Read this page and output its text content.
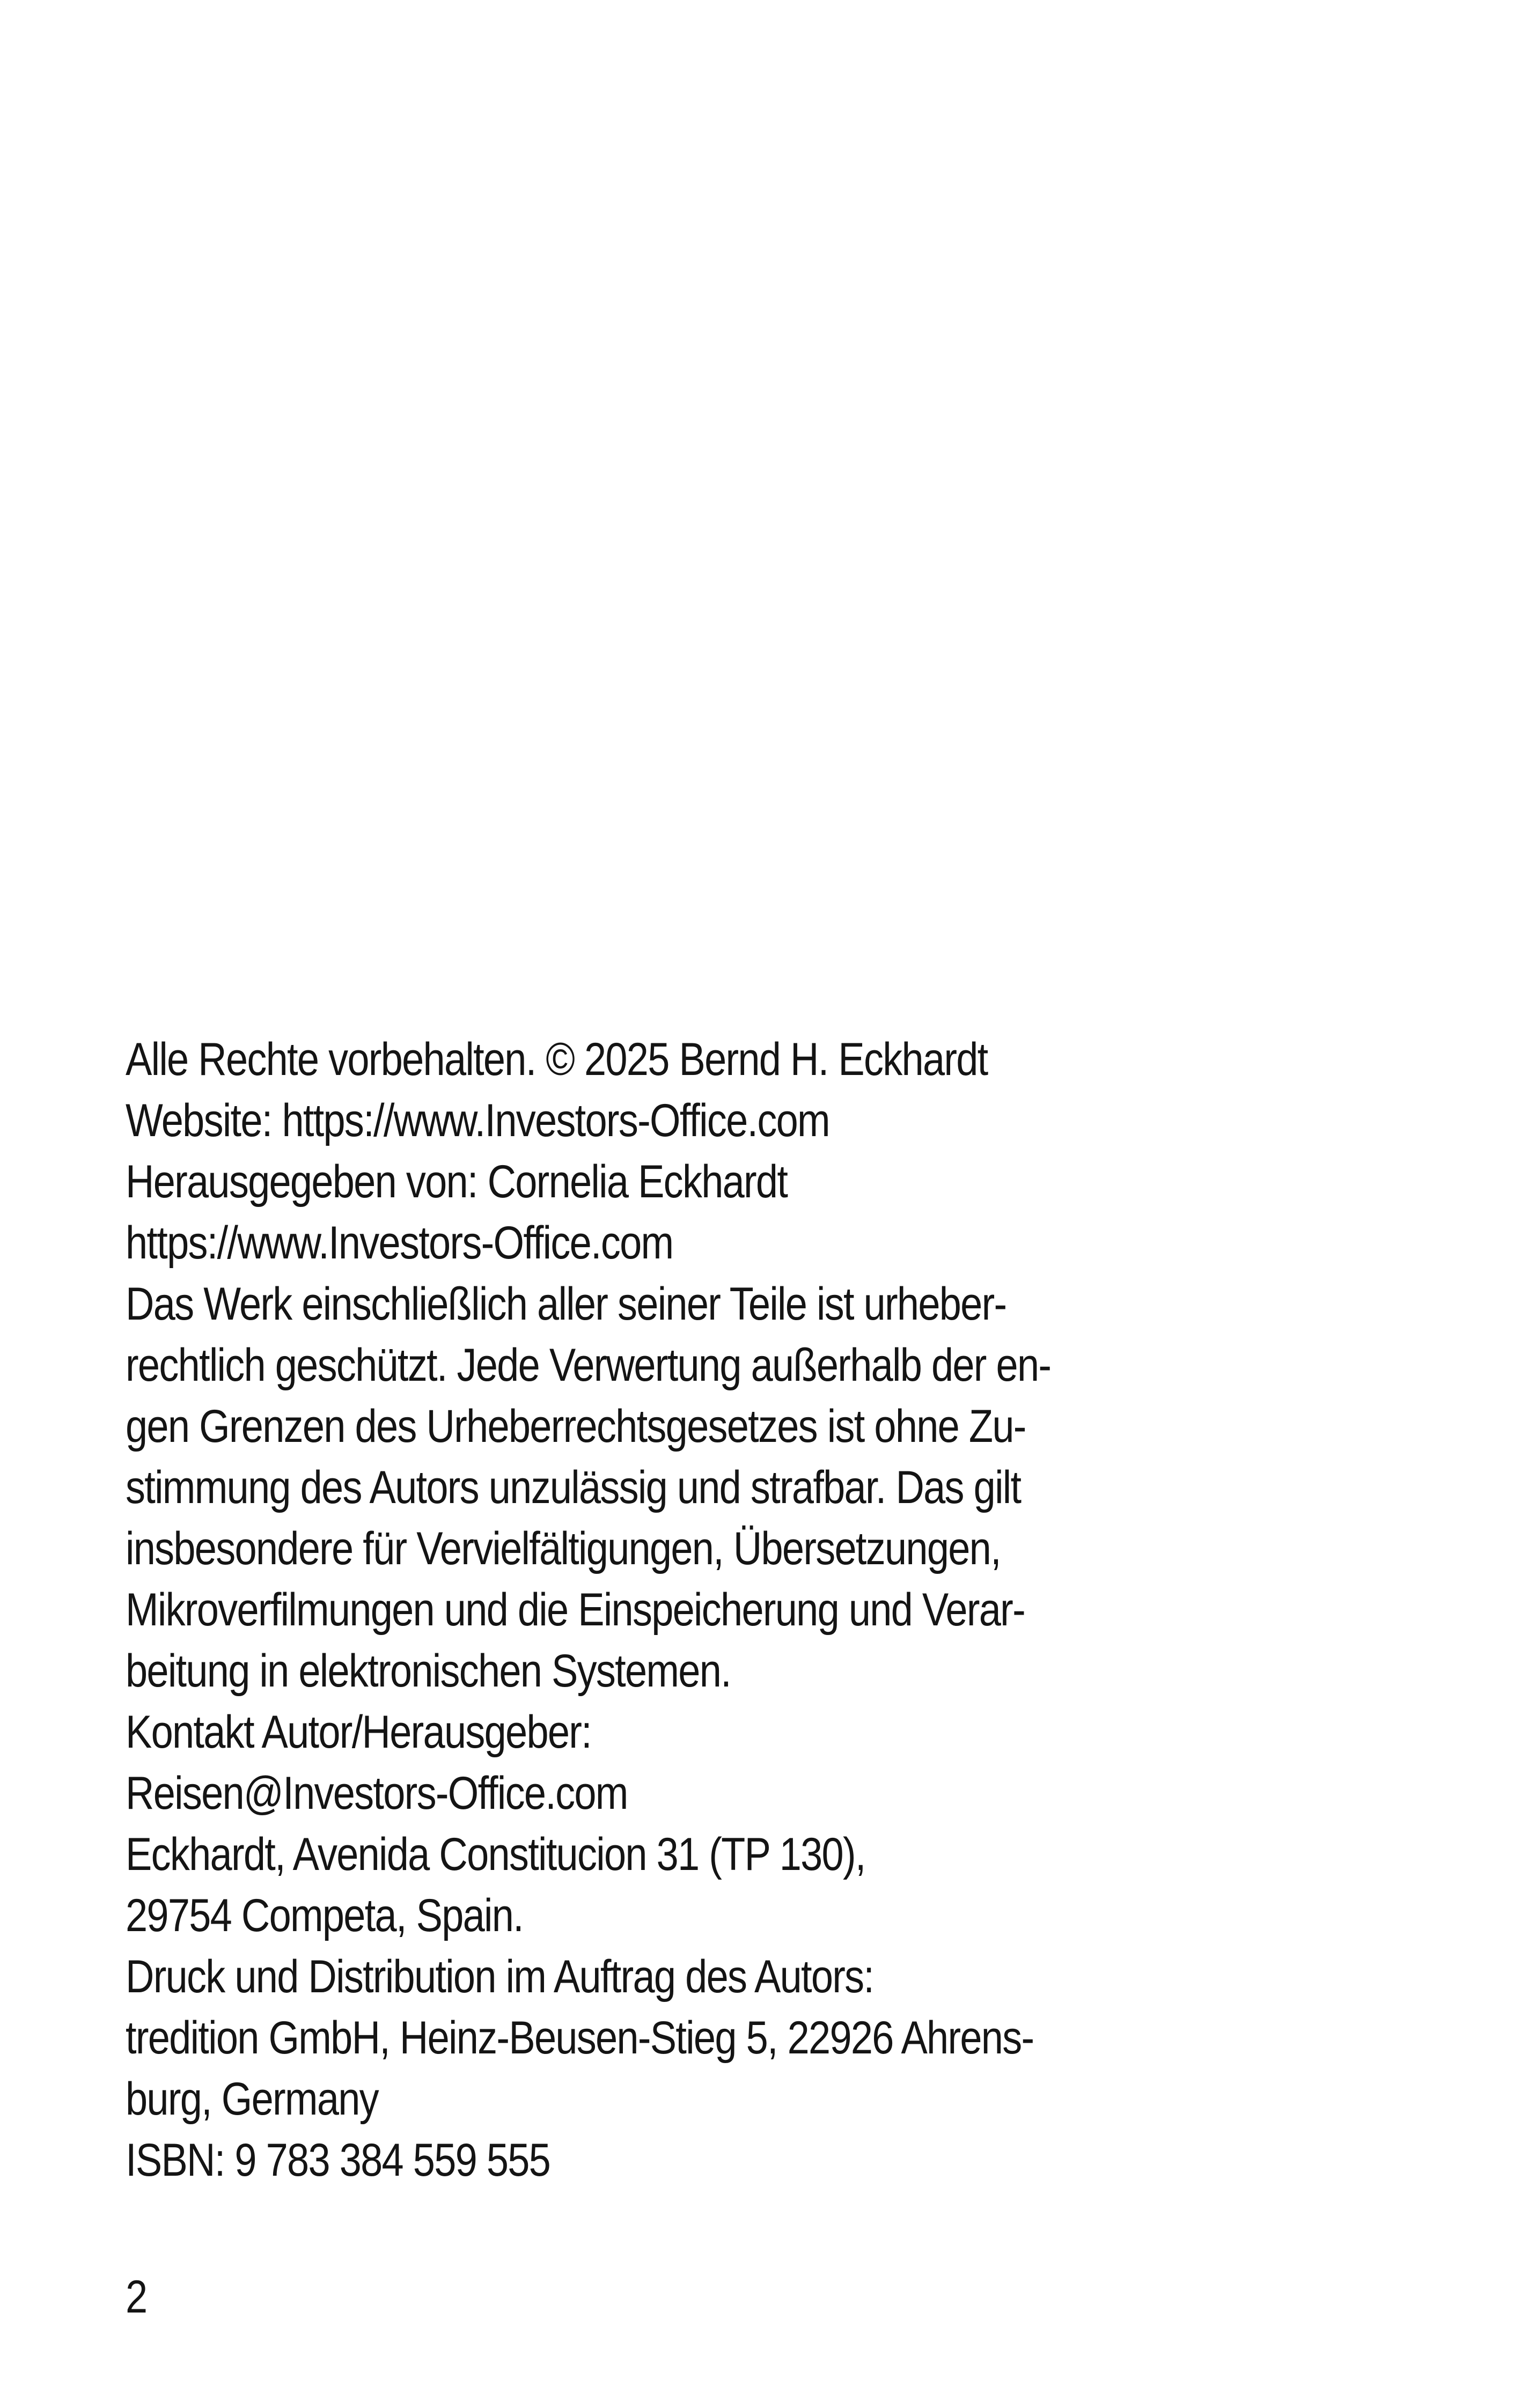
Alle Rechte vorbehalten. © 2025 Bernd H. Eckhardt
Website: https://www.Investors-Office.com
Herausgegeben von: Cornelia Eckhardt
https://www.Investors-Office.com
Das Werk einschließlich aller seiner Teile ist urheber-
rechtlich geschützt. Jede Verwertung außerhalb der en-
gen Grenzen des Urheberrechtsgesetzes ist ohne Zu-
stimmung des Autors unzulässig und strafbar. Das gilt
insbesondere für Vervielfältigungen, Übersetzungen,
Mikroverfilmungen und die Einspeicherung und Verar-
beitung in elektronischen Systemen.
Kontakt Autor/Herausgeber:
Reisen@Investors-Office.com
Eckhardt, Avenida Constitucion 31 (TP 130),
29754 Competa, Spain.
Druck und Distribution im Auftrag des Autors:
tredition GmbH, Heinz-Beusen-Stieg 5, 22926 Ahrens-
burg, Germany
ISBN: 9 783 384 559 555
2
